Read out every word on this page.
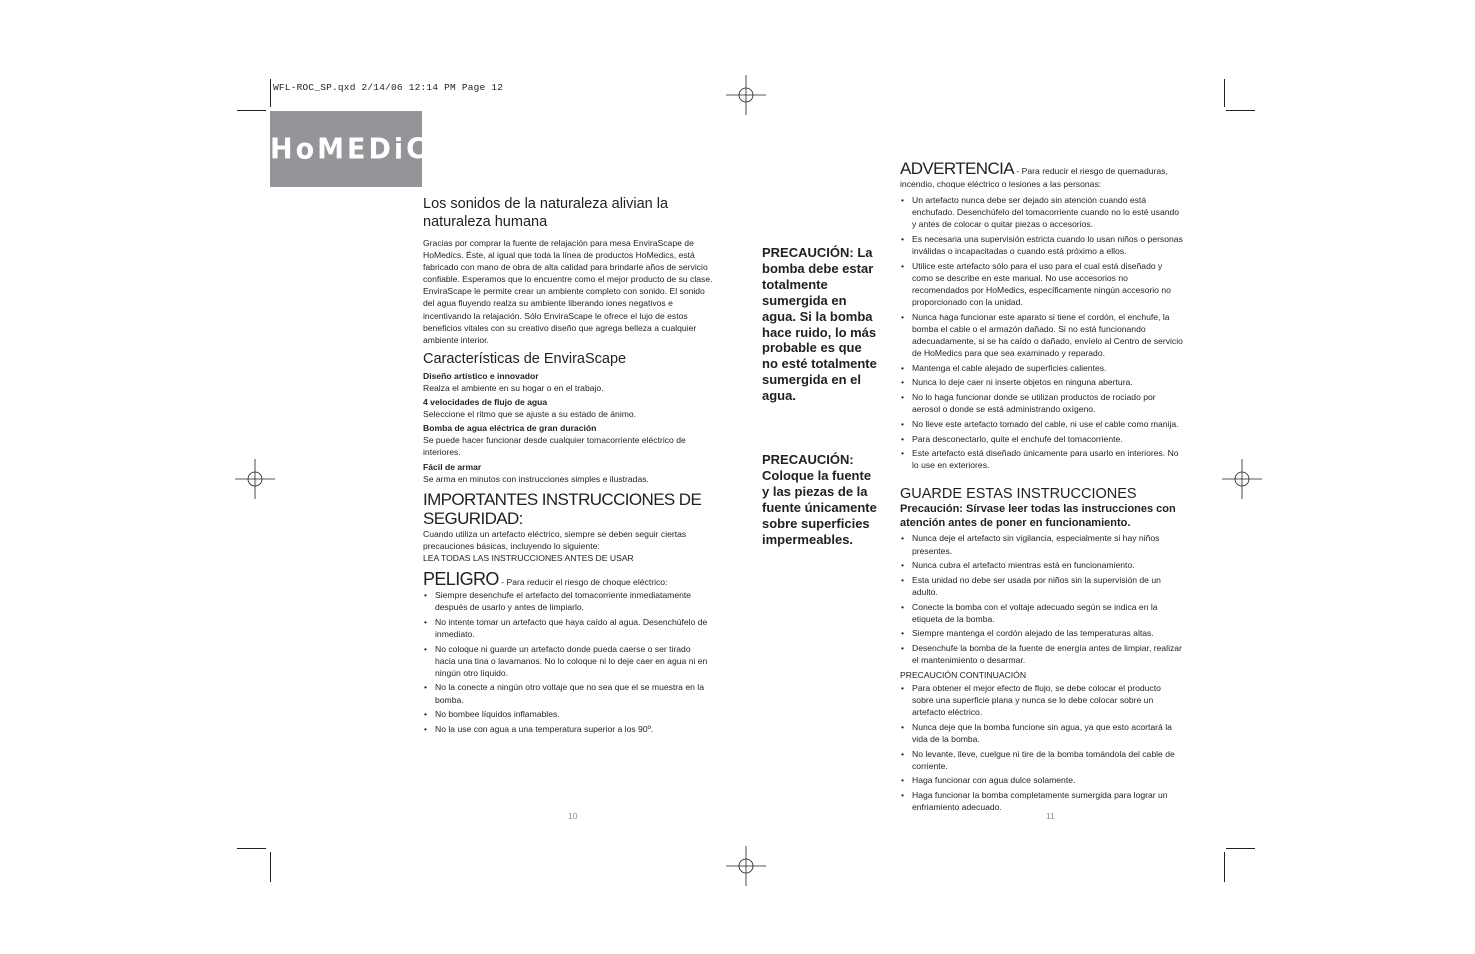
WFL-ROC_SP.qxd 2/14/06 12:14 PM Page 12
HoMEDiCS
Los sonidos de la naturaleza alivian la naturaleza humana

Gracias por comprar la fuente de relajación para mesa EnviraScape de HoMedics. Éste, al igual que toda la línea de productos HoMedics, está fabricado con mano de obra de alta calidad para brindarle años de servicio confiable. Esperamos que lo encuentre como el mejor producto de su clase.

EnviraScape le permite crear un ambiente completo con sonido. El sonido del agua fluyendo realza su ambiente liberando iones negativos e incentivando la relajación. Sólo EnviraScape le ofrece el lujo de estos beneficios vitales con su creativo diseño que agrega belleza a cualquier ambiente interior.

Características de EnviraScape

Diseño artístico e innovador

Realza el ambiente en su hogar o en el trabajo.

4 velocidades de flujo de agua

Seleccione el ritmo que se ajuste a su estado de ánimo.

Bomba de agua eléctrica de gran duración

Se puede hacer funcionar desde cualquier tomacorriente eléctrico de interiores.

Fácil de armar

Se arma en minutos con instrucciones simples e ilustradas.

IMPORTANTES INSTRUCCIONES DE SEGURIDAD:

Cuando utiliza un artefacto eléctrico, siempre se deben seguir ciertas precauciones básicas, incluyendo lo siguiente:

LEA TODAS LAS INSTRUCCIONES ANTES DE USAR

PELIGRO - Para reducir el riesgo de choque eléctrico:
• Siempre desenchufe el artefacto del tomacorriente inmediatamente después de usarlo y antes de limpiarlo.
• No intente tomar un artefacto que haya caído al agua. Desenchúfelo de inmediato.
• No coloque ni guarde un artefacto donde pueda caerse o ser tirado hacia una tina o lavamanos. No lo coloque ni lo deje caer en agua ni en ningún otro líquido.
• No la conecte a ningún otro voltaje que no sea que el se muestra en la bomba.
• No bombee líquidos inflamables.
• No la use con agua a una temperatura superior a los 90º.
10
PRECAUCIÓN: La bomba debe estar totalmente sumergida en agua. Si la bomba hace ruido, lo más probable es que no esté totalmente sumergida en el agua.
PRECAUCIÓN: Coloque la fuente y las piezas de la fuente únicamente sobre superficies impermeables.
ADVERTENCIA - Para reducir el riesgo de quemaduras, incendio, choque eléctrico o lesiones a las personas:
• Un artefacto nunca debe ser dejado sin atención cuando está enchufado. Desenchúfelo del tomacorriente cuando no lo esté usando y antes de colocar o quitar piezas o accesorios.
• Es necesaria una supervisión estricta cuando lo usan niños o personas inválidas o incapacitadas o cuando está próximo a ellos.
• Utilice este artefacto sólo para el uso para el cual está diseñado y como se describe en este manual. No use accesorios no recomendados por HoMedics, específicamente ningún accesorio no proporcionado con la unidad.
• Nunca haga funcionar este aparato si tiene el cordón, el enchufe, la bomba el cable o el armazón dañado. Si no está funcionando adecuadamente, si se ha caído o dañado, envíelo al Centro de servicio de HoMedics para que sea examinado y reparado.
• Mantenga el cable alejado de superficies calientes.
• Nunca lo deje caer ni inserte objetos en ninguna abertura.
• No lo haga funcionar donde se utilizan productos de rociado por aerosol o donde se está administrando oxígeno.
• No lleve este artefacto tomado del cable, ni use el cable como manija.
• Para desconectarlo, quite el enchufe del tomacorriente.
• Este artefacto está diseñado únicamente para usarlo en interiores. No lo use en exteriores.
GUARDE ESTAS INSTRUCCIONES

Precaución: Sírvase leer todas las instrucciones con atención antes de poner en funcionamiento.

• Nunca deje el artefacto sin vigilancia, especialmente si hay niños presentes.
• Nunca cubra el artefacto mientras está en funcionamiento.
• Esta unidad no debe ser usada por niños sin la supervisión de un adulto.
• Conecte la bomba con el voltaje adecuado según se indica en la etiqueta de la bomba.
• Siempre mantenga el cordón alejado de las temperaturas altas.
• Desenchufe la bomba de la fuente de energía antes de limpiar, realizar el mantenimiento o desarmar.

PRECAUCIÓN CONTINUACIÓN

• Para obtener el mejor efecto de flujo, se debe colocar el producto sobre una superficie plana y nunca se lo debe colocar sobre un artefacto eléctrico.
• Nunca deje que la bomba funcione sin agua, ya que esto acortará la vida de la bomba.
• No levante, lleve, cuelgue ni tire de la bomba tomándola del cable de corriente.
• Haga funcionar con agua dulce solamente.
• Haga funcionar la bomba completamente sumergida para lograr un enfriamiento adecuado.
11
